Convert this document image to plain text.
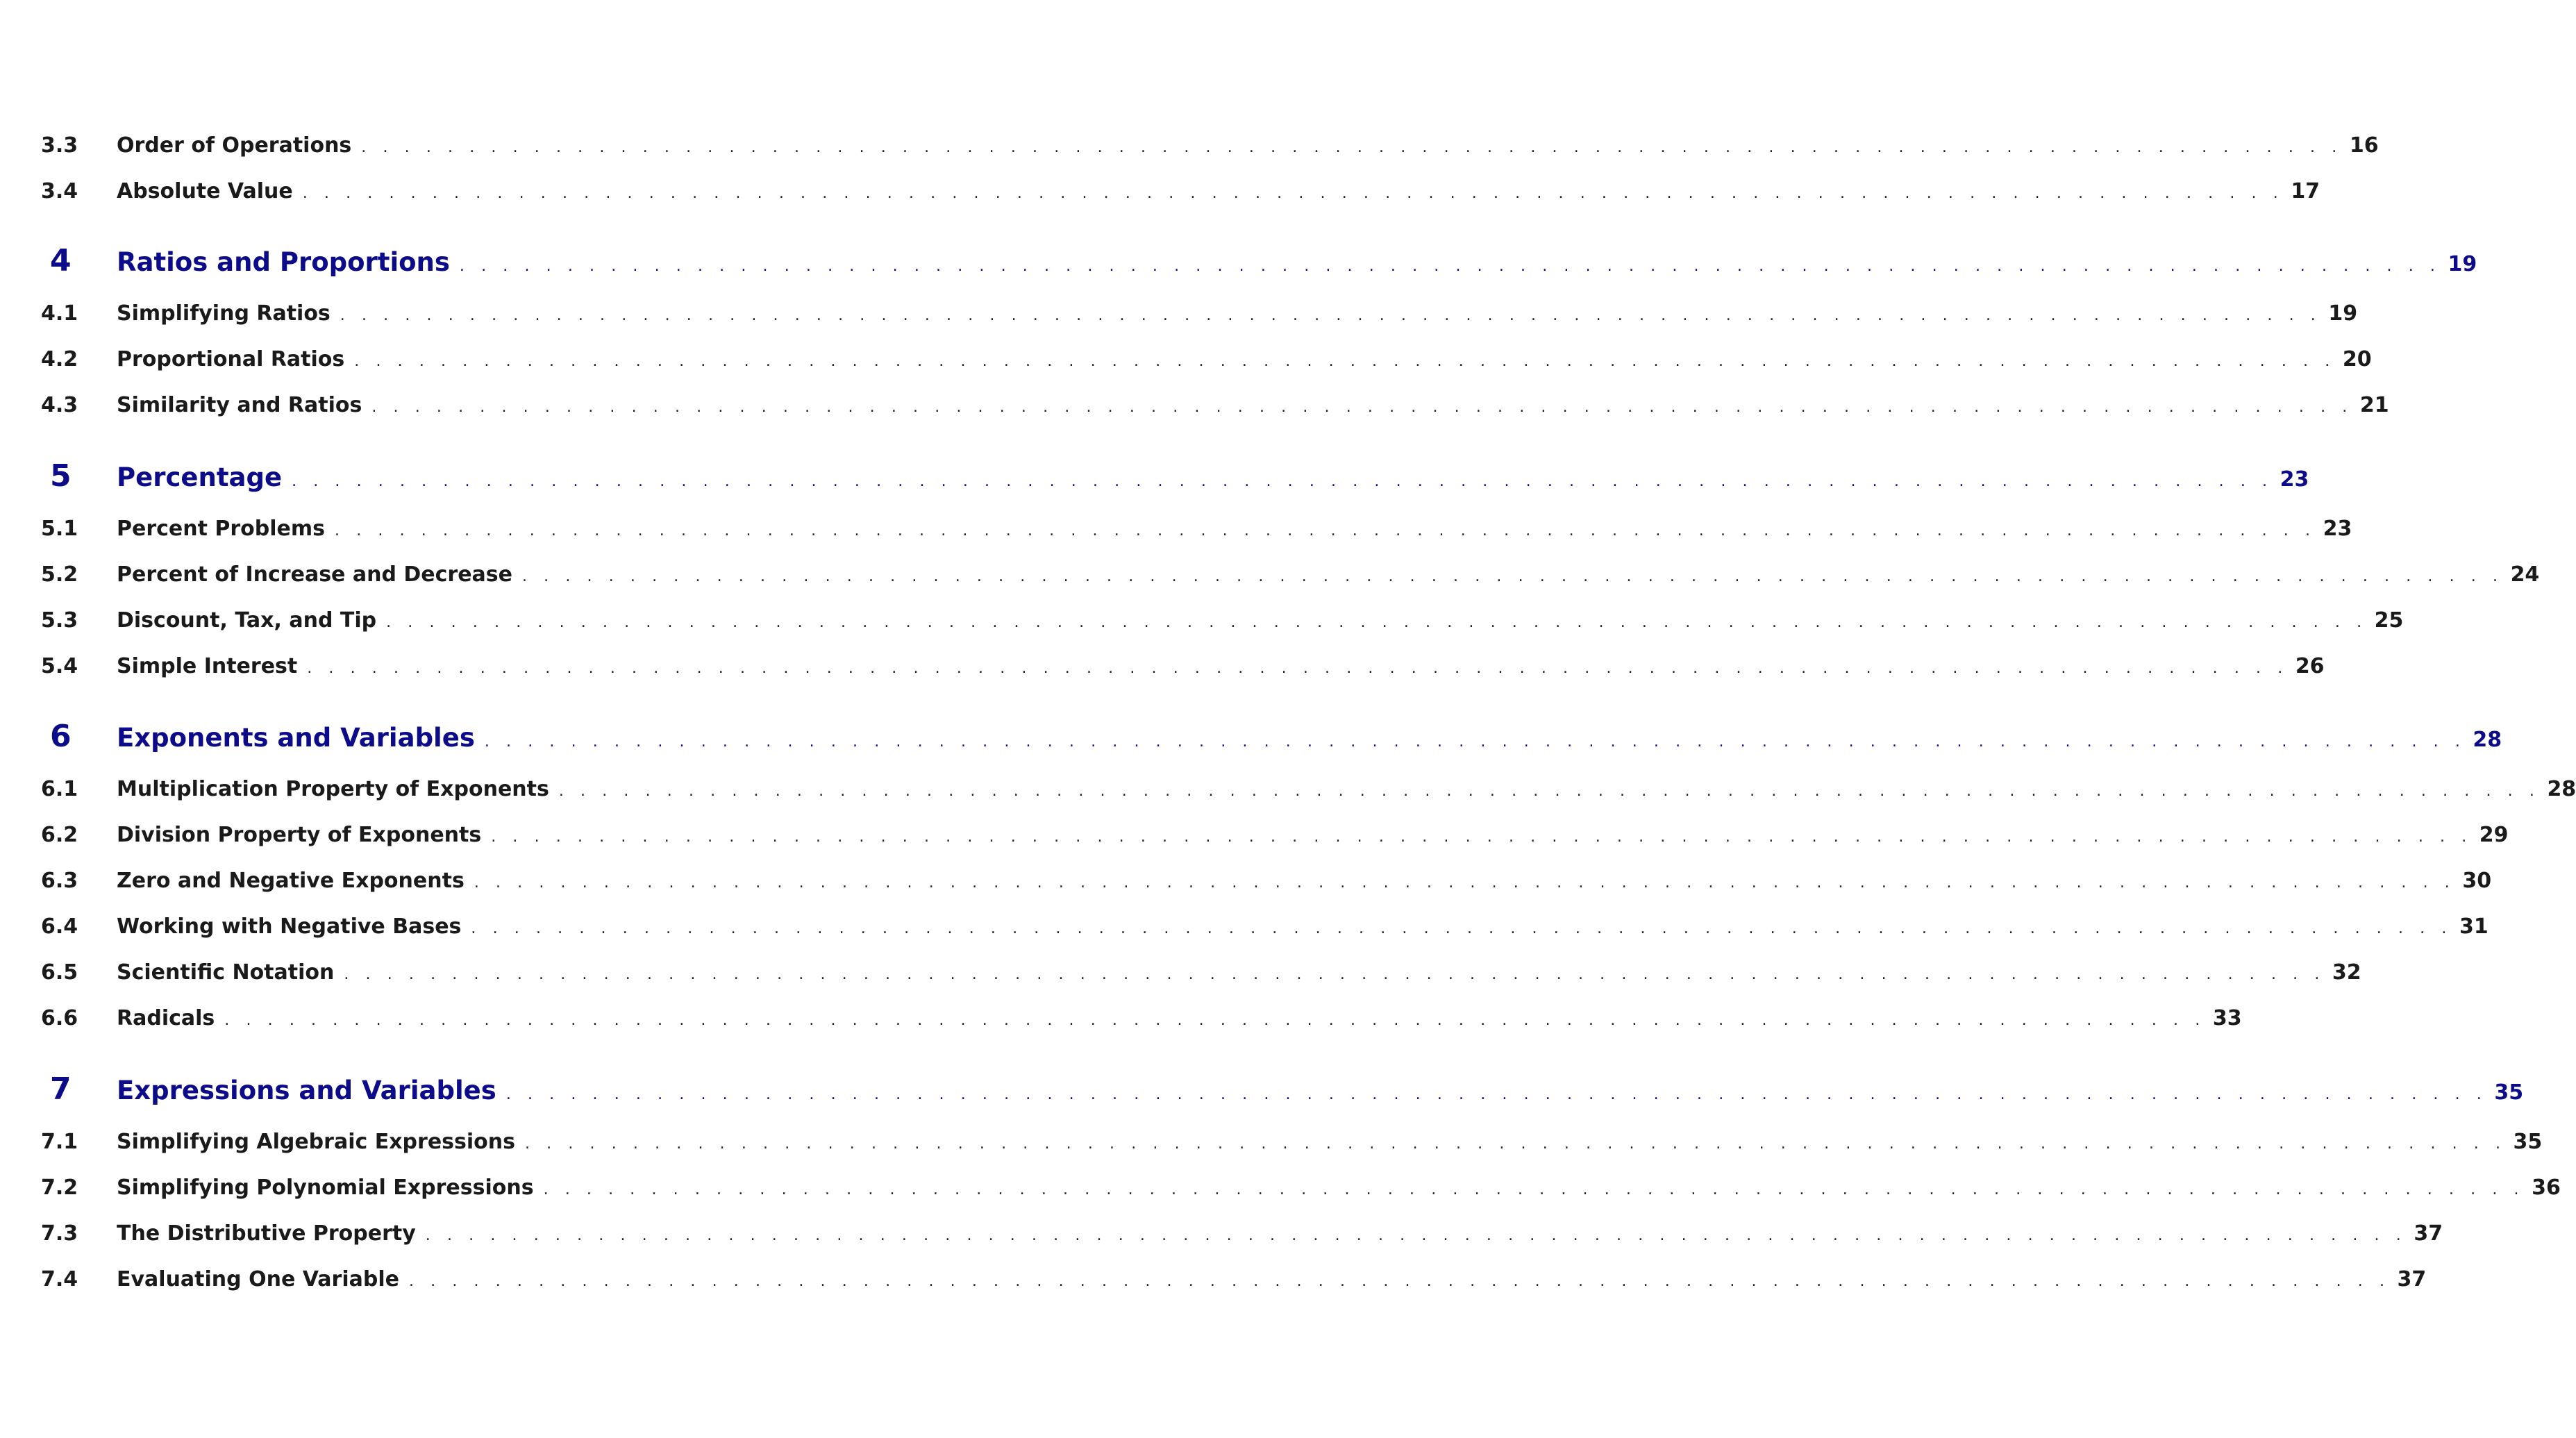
3.3	Order of Operations . . . . . . . . . . . . . . . . . . . . . . . . . . . . . . . . . . . . . . . . . . . . . . . . . . . . . . . . . . . . . . . . . . . . . . . . . . . . . . . . . . . . . . . . . . . . 16
3.4	Absolute Value . . . . . . . . . . . . . . . . . . . . . . . . . . . . . . . . . . . . . . . . . . . . . . . . . . . . . . . . . . . . . . . . . . . . . . . . . . . . . . . . . . . . . . . . . . . . 17
4	Ratios and Proportions . . . . . . . . . . . . . . . . . . . . . . . . . . . . . . . . . . . . . . . . . . . . . . . . . . . . . . . . . . . . . . . . . . . . . . . . . . . . . . . . . . . . . . . . . . . . 19
4.1	Simplifying Ratios . . . . . . . . . . . . . . . . . . . . . . . . . . . . . . . . . . . . . . . . . . . . . . . . . . . . . . . . . . . . . . . . . . . . . . . . . . . . . . . . . . . . . . . . . . . . 19
4.2	Proportional Ratios . . . . . . . . . . . . . . . . . . . . . . . . . . . . . . . . . . . . . . . . . . . . . . . . . . . . . . . . . . . . . . . . . . . . . . . . . . . . . . . . . . . . . . . . . . . . 20
4.3	Similarity and Ratios . . . . . . . . . . . . . . . . . . . . . . . . . . . . . . . . . . . . . . . . . . . . . . . . . . . . . . . . . . . . . . . . . . . . . . . . . . . . . . . . . . . . . . . . . . . . 21
5	Percentage . . . . . . . . . . . . . . . . . . . . . . . . . . . . . . . . . . . . . . . . . . . . . . . . . . . . . . . . . . . . . . . . . . . . . . . . . . . . . . . . . . . . . . . . . . . . 23
5.1	Percent Problems . . . . . . . . . . . . . . . . . . . . . . . . . . . . . . . . . . . . . . . . . . . . . . . . . . . . . . . . . . . . . . . . . . . . . . . . . . . . . . . . . . . . . . . . . . . . 23
5.2	Percent of Increase and Decrease . . . . . . . . . . . . . . . . . . . . . . . . . . . . . . . . . . . . . . . . . . . . . . . . . . . . . . . . . . . . . . . . . . . . . . . . . . . . . . . . . . . . . . . . . . . . 24
5.3	Discount, Tax, and Tip . . . . . . . . . . . . . . . . . . . . . . . . . . . . . . . . . . . . . . . . . . . . . . . . . . . . . . . . . . . . . . . . . . . . . . . . . . . . . . . . . . . . . . . . . . . . 25
5.4	Simple Interest . . . . . . . . . . . . . . . . . . . . . . . . . . . . . . . . . . . . . . . . . . . . . . . . . . . . . . . . . . . . . . . . . . . . . . . . . . . . . . . . . . . . . . . . . . . . 26
6	Exponents and Variables . . . . . . . . . . . . . . . . . . . . . . . . . . . . . . . . . . . . . . . . . . . . . . . . . . . . . . . . . . . . . . . . . . . . . . . . . . . . . . . . . . . . . . . . . . . . 28
6.1	Multiplication Property of Exponents . . . . . . . . . . . . . . . . . . . . . . . . . . . . . . . . . . . . . . . . . . . . . . . . . . . . . . . . . . . . . . . . . . . . . . . . . . . . . . . . . . . . . . . . . . . . 28
6.2	Division Property of Exponents . . . . . . . . . . . . . . . . . . . . . . . . . . . . . . . . . . . . . . . . . . . . . . . . . . . . . . . . . . . . . . . . . . . . . . . . . . . . . . . . . . . . . . . . . . . . 29
6.3	Zero and Negative Exponents . . . . . . . . . . . . . . . . . . . . . . . . . . . . . . . . . . . . . . . . . . . . . . . . . . . . . . . . . . . . . . . . . . . . . . . . . . . . . . . . . . . . . . . . . . . . 30
6.4	Working with Negative Bases . . . . . . . . . . . . . . . . . . . . . . . . . . . . . . . . . . . . . . . . . . . . . . . . . . . . . . . . . . . . . . . . . . . . . . . . . . . . . . . . . . . . . . . . . . . . 31
6.5	Scientific Notation . . . . . . . . . . . . . . . . . . . . . . . . . . . . . . . . . . . . . . . . . . . . . . . . . . . . . . . . . . . . . . . . . . . . . . . . . . . . . . . . . . . . . . . . . . . . 32
6.6	Radicals . . . . . . . . . . . . . . . . . . . . . . . . . . . . . . . . . . . . . . . . . . . . . . . . . . . . . . . . . . . . . . . . . . . . . . . . . . . . . . . . . . . . . . . . . . . . 33
7	Expressions and Variables . . . . . . . . . . . . . . . . . . . . . . . . . . . . . . . . . . . . . . . . . . . . . . . . . . . . . . . . . . . . . . . . . . . . . . . . . . . . . . . . . . . . . . . . . . . . 35
7.1	Simplifying Algebraic Expressions . . . . . . . . . . . . . . . . . . . . . . . . . . . . . . . . . . . . . . . . . . . . . . . . . . . . . . . . . . . . . . . . . . . . . . . . . . . . . . . . . . . . . . . . . . . . 35
7.2	Simplifying Polynomial Expressions . . . . . . . . . . . . . . . . . . . . . . . . . . . . . . . . . . . . . . . . . . . . . . . . . . . . . . . . . . . . . . . . . . . . . . . . . . . . . . . . . . . . . . . . . . . . 36
7.3	The Distributive Property . . . . . . . . . . . . . . . . . . . . . . . . . . . . . . . . . . . . . . . . . . . . . . . . . . . . . . . . . . . . . . . . . . . . . . . . . . . . . . . . . . . . . . . . . . . . 37
7.4	Evaluating One Variable . . . . . . . . . . . . . . . . . . . . . . . . . . . . . . . . . . . . . . . . . . . . . . . . . . . . . . . . . . . . . . . . . . . . . . . . . . . . . . . . . . . . . . . . . . . . 37
